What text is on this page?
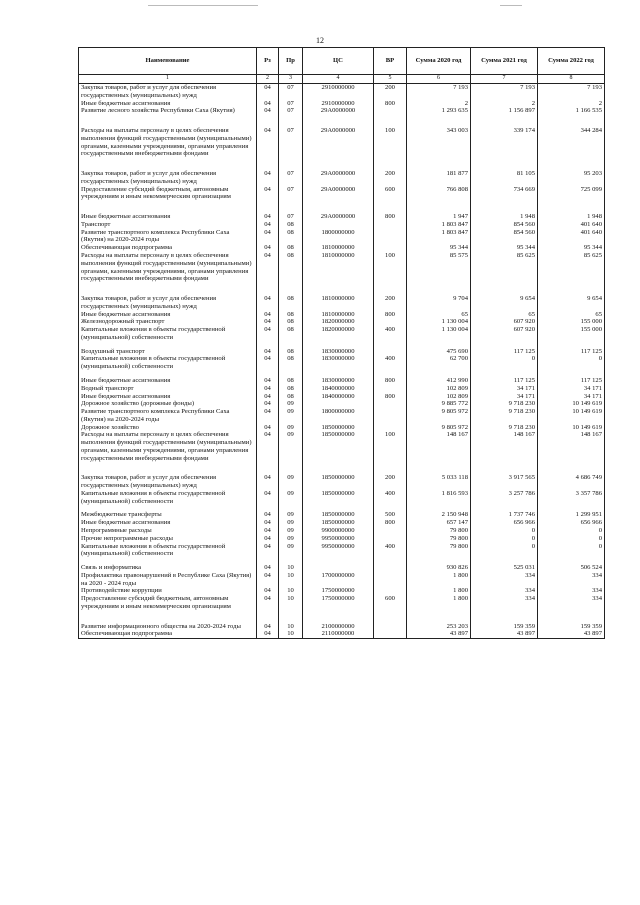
12
Наименование	Рз	Пр	ЦС	ВР	Сумма 2020 год	Сумма 2021 год	Сумма 2022 год
1	2	3	4	5	6	7	8
Закупка товаров, работ и услуг для обеспечения государственных (муниципальных) нужд	04	07	2910000000	200	7 193	7 193	7 193
Иные бюджетные ассигнования	04	07	2910000000	800	2	2	2
Развитие лесного хозяйства Республики Саха (Якутия)	04	07	29А0000000		1 293 635	1 156 897	1 166 535

Расходы на выплаты персоналу в целях обеспечения выполнения функций государственными (муниципальными) органами, казенными учреждениями, органами управления государственными внебюджетными фондами	04	07	29А0000000	100	343 003	339 174	344 284

Закупка товаров, работ и услуг для обеспечения государственных (муниципальных) нужд	04	07	29А0000000	200	181 877	81 105	95 203
Предоставление субсидий бюджетным, автономным учреждениям и иным некоммерческим организациям	04	07	29А0000000	600	766 808	734 669	725 099

Иные бюджетные ассигнования	04	07	29А0000000	800	1 947	1 948	1 948
Транспорт	04	08			1 803 847	854 560	401 640
Развитие транспортного комплекса Республики Саха (Якутия) на 2020-2024 годы	04	08	1800000000		1 803 847	854 560	401 640
Обеспечивающая подпрограмма	04	08	1810000000		95 344	95 344	95 344
Расходы на выплаты персоналу в целях обеспечения выполнения функций государственными (муниципальными) органами, казенными учреждениями, органами управления государственными внебюджетными фондами	04	08	1810000000	100	85 575	85 625	85 625

Закупка товаров, работ и услуг для обеспечения государственных (муниципальных) нужд	04	08	1810000000	200	9 704	9 654	9 654
Иные бюджетные ассигнования	04	08	1810000000	800	65	65	65
Железнодорожный транспорт	04	08	1820000000		1 130 004	607 920	155 000
Капитальные вложения в объекты государственной (муниципальной) собственности	04	08	1820000000	400	1 130 004	607 920	155 000

Воздушный транспорт	04	08	1830000000		475 690	117 125	117 125
Капитальные вложения в объекты государственной (муниципальной) собственности	04	08	1830000000	400	62 700	0	0

Иные бюджетные ассигнования	04	08	1830000000	800	412 990	117 125	117 125
Водный транспорт	04	08	1840000000		102 809	34 171	34 171
Иные бюджетные ассигнования	04	08	1840000000	800	102 809	34 171	34 171
Дорожное хозяйство (дорожные фонды)	04	09			9 885 772	9 718 230	10 149 619
Развитие транспортного комплекса Республики Саха (Якутия) на 2020-2024 годы	04	09	1800000000		9 805 972	9 718 230	10 149 619
Дорожное хозяйство	04	09	1850000000		9 805 972	9 718 230	10 149 619
Расходы на выплаты персоналу в целях обеспечения выполнения функций государственными (муниципальными) органами, казенными учреждениями, органами управления государственными внебюджетными фондами	04	09	1850000000	100	148 167	148 167	148 167

Закупка товаров, работ и услуг для обеспечения государственных (муниципальных) нужд	04	09	1850000000	200	5 033 118	3 917 565	4 686 749
Капитальные вложения в объекты государственной (муниципальной) собственности	04	09	1850000000	400	1 816 593	3 257 786	3 357 786

Межбюджетные трансферты	04	09	1850000000	500	2 150 948	1 737 746	1 299 951
Иные бюджетные ассигнования	04	09	1850000000	800	657 147	656 966	656 966
Непрограммные расходы	04	09	9900000000		79 800	0	0
Прочие непрограммные расходы	04	09	9950000000		79 800	0	0
Капитальные вложения в объекты государственной (муниципальной) собственности	04	09	9950000000	400	79 800	0	0

Связь и информатика	04	10			930 826	525 031	506 524
Профилактика правонарушений в Республике Саха (Якутия) на 2020 - 2024 годы	04	10	1700000000		1 800	334	334
Противодействие коррупции	04	10	1750000000		1 800	334	334
Предоставление субсидий бюджетным, автономным учреждениям и иным некоммерческим организациям	04	10	1750000000	600	1 800	334	334

Развитие информационного общества на 2020-2024 годы	04	10	2100000000		253 203	159 359	159 359
Обеспечивающая подпрограмма	04	10	2110000000		43 897	43 897	43 897
